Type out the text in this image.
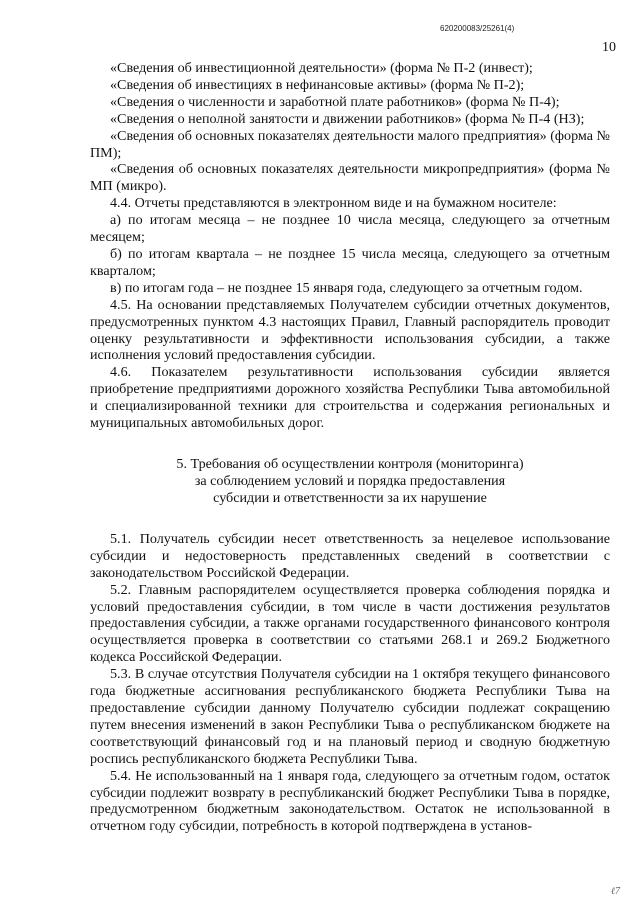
620200083/25261(4)
10

«Сведения об инвестиционной деятельности» (форма № П-2 (инвест);

«Сведения об инвестициях в нефинансовые активы» (форма № П-2);

«Сведения о численности и заработной плате работников» (форма № П-4);

«Сведения о неполной занятости и движении работников» (форма № П-4 (НЗ);

«Сведения об основных показателях деятельности малого предприятия» (форма № ПМ);

«Сведения об основных показателях деятельности микропредприятия» (форма № МП (микро).

4.4. Отчеты представляются в электронном виде и на бумажном носителе:

а) по итогам месяца – не позднее 10 числа месяца, следующего за отчетным месяцем;

б) по итогам квартала – не позднее 15 числа месяца, следующего за отчетным кварталом;

в) по итогам года – не позднее 15 января года, следующего за отчетным годом.

4.5. На основании представляемых Получателем субсидии отчетных документов, предусмотренных пунктом 4.3 настоящих Правил, Главный распорядитель проводит оценку результативности и эффективности использования субсидии, а также исполнения условий предоставления субсидии.

4.6. Показателем результативности использования субсидии является приобретение предприятиями дорожного хозяйства Республики Тыва автомобильной и специализированной техники для строительства и содержания региональных и муниципальных автомобильных дорог.

5. Требования об осуществлении контроля (мониторинга)
за соблюдением условий и порядка предоставления
субсидии и ответственности за их нарушение

5.1. Получатель субсидии несет ответственность за нецелевое использование субсидии и недостоверность представленных сведений в соответствии с законодательством Российской Федерации.

5.2. Главным распорядителем осуществляется проверка соблюдения порядка и условий предоставления субсидии, в том числе в части достижения результатов предоставления субсидии, а также органами государственного финансового контроля осуществляется проверка в соответствии со статьями 268.1 и 269.2 Бюджетного кодекса Российской Федерации.

5.3. В случае отсутствия Получателя субсидии на 1 октября текущего финансового года бюджетные ассигнования республиканского бюджета Республики Тыва на предоставление субсидии данному Получателю субсидии подлежат сокращению путем внесения изменений в закон Республики Тыва о республиканском бюджете на соответствующий финансовый год и на плановый период и сводную бюджетную роспись республиканского бюджета Республики Тыва.

5.4. Не использованный на 1 января года, следующего за отчетным годом, остаток субсидии подлежит возврату в республиканский бюджет Республики Тыва в порядке, предусмотренном бюджетным законодательством. Остаток не использованной в отчетном году субсидии, потребность в которой подтверждена в установ-

ℓ7
